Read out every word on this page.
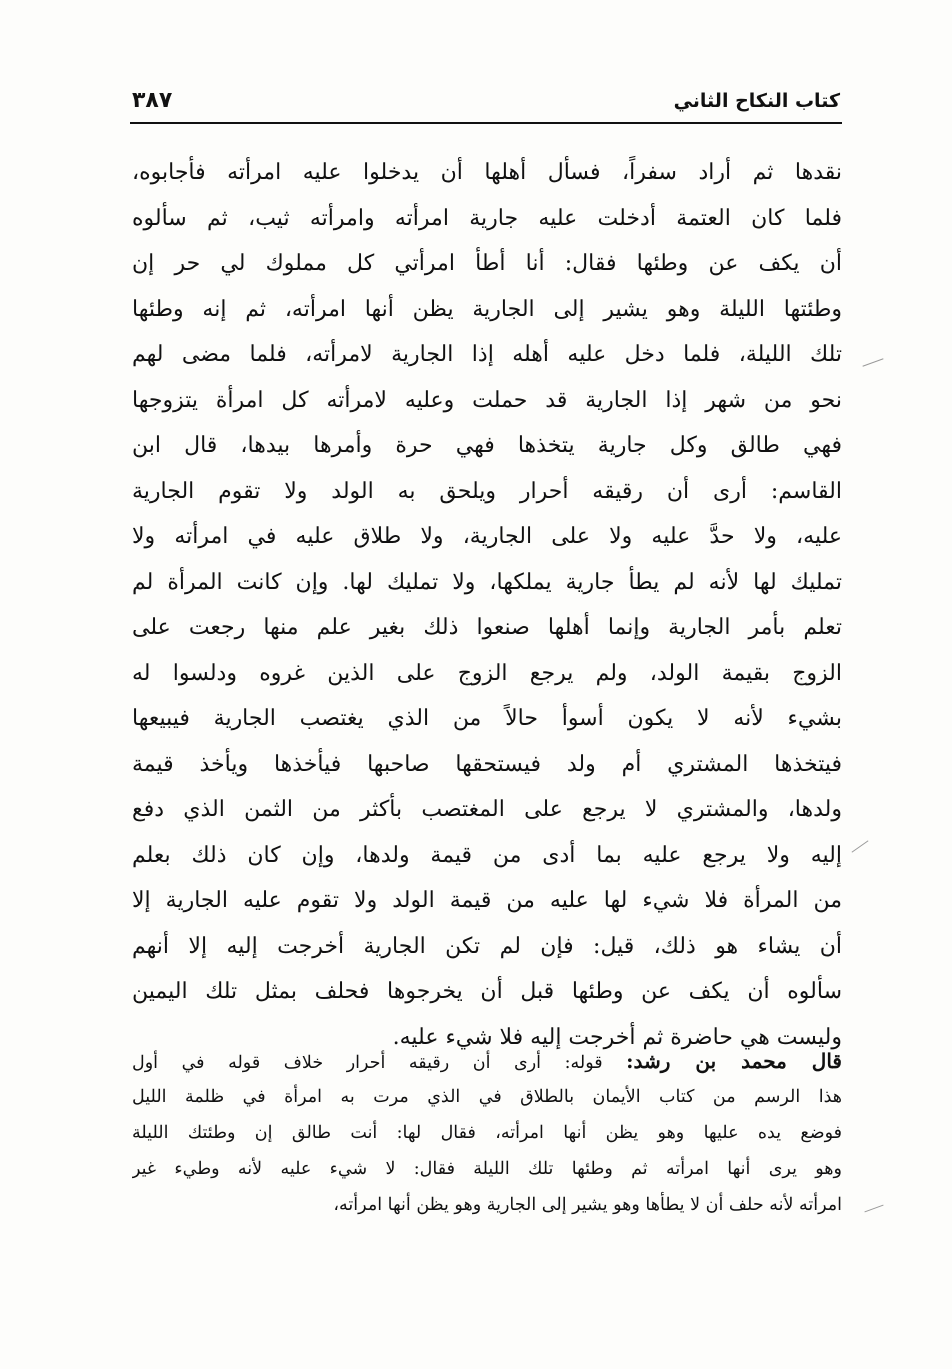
كتاب النكاح الثاني
٣٨٧
نقدها ثم أراد سفراً، فسأل أهلها أن يدخلوا عليه امرأته فأجابوه،
فلما كان العتمة أدخلت عليه جارية امرأته وامرأته ثيب، ثم سألوه
أن يكف عن وطئها فقال: أنا أطأ امرأتي كل مملوك لي حر إن
وطئتها الليلة وهو يشير إلى الجارية يظن أنها امرأته، ثم إنه وطئها
تلك الليلة، فلما دخل عليه أهله إذا الجارية لامرأته، فلما مضى لهم
نحو من شهر إذا الجارية قد حملت وعليه لامرأته كل امرأة يتزوجها
فهي طالق وكل جارية يتخذها فهي حرة وأمرها بيدها، قال ابن
القاسم: أرى أن رقيقه أحرار ويلحق به الولد ولا تقوم الجارية
عليه، ولا حدَّ عليه ولا على الجارية، ولا طلاق عليه في امرأته ولا
تمليك لها لأنه لم يطأ جارية يملكها، ولا تمليك لها. وإن كانت المرأة لم
تعلم بأمر الجارية وإنما أهلها صنعوا ذلك بغير علم منها رجعت على
الزوج بقيمة الولد، ولم يرجع الزوج على الذين غروه ودلسوا له
بشيء لأنه لا يكون أسوأ حالاً من الذي يغتصب الجارية فيبيعها
فيتخذها المشتري أم ولد فيستحقها صاحبها فيأخذها ويأخذ قيمة
ولدها، والمشتري لا يرجع على المغتصب بأكثر من الثمن الذي دفع
إليه ولا يرجع عليه بما أدى من قيمة ولدها، وإن كان ذلك بعلم
من المرأة فلا شيء لها عليه من قيمة الولد ولا تقوم عليه الجارية إلا
أن يشاء هو ذلك، قيل: فإن لم تكن الجارية أخرجت إليه إلا أنهم
سألوه أن يكف عن وطئها قبل أن يخرجوها فحلف بمثل تلك اليمين
وليست هي حاضرة ثم أخرجت إليه فلا شيء عليه.
قال محمد بن رشد: قوله: أرى أن رقيقه أحرار خلاف قوله في أول
هذا الرسم من كتاب الأيمان بالطلاق في الذي مرت به امرأة في ظلمة الليل
فوضع يده عليها وهو يظن أنها امرأته، فقال لها: أنت طالق إن وطئتك الليلة
وهو يرى أنها امرأته ثم وطئها تلك الليلة فقال: لا شيء عليه لأنه وطيء غير
امرأته لأنه حلف أن لا يطأها وهو يشير إلى الجارية وهو يظن أنها امرأته،
